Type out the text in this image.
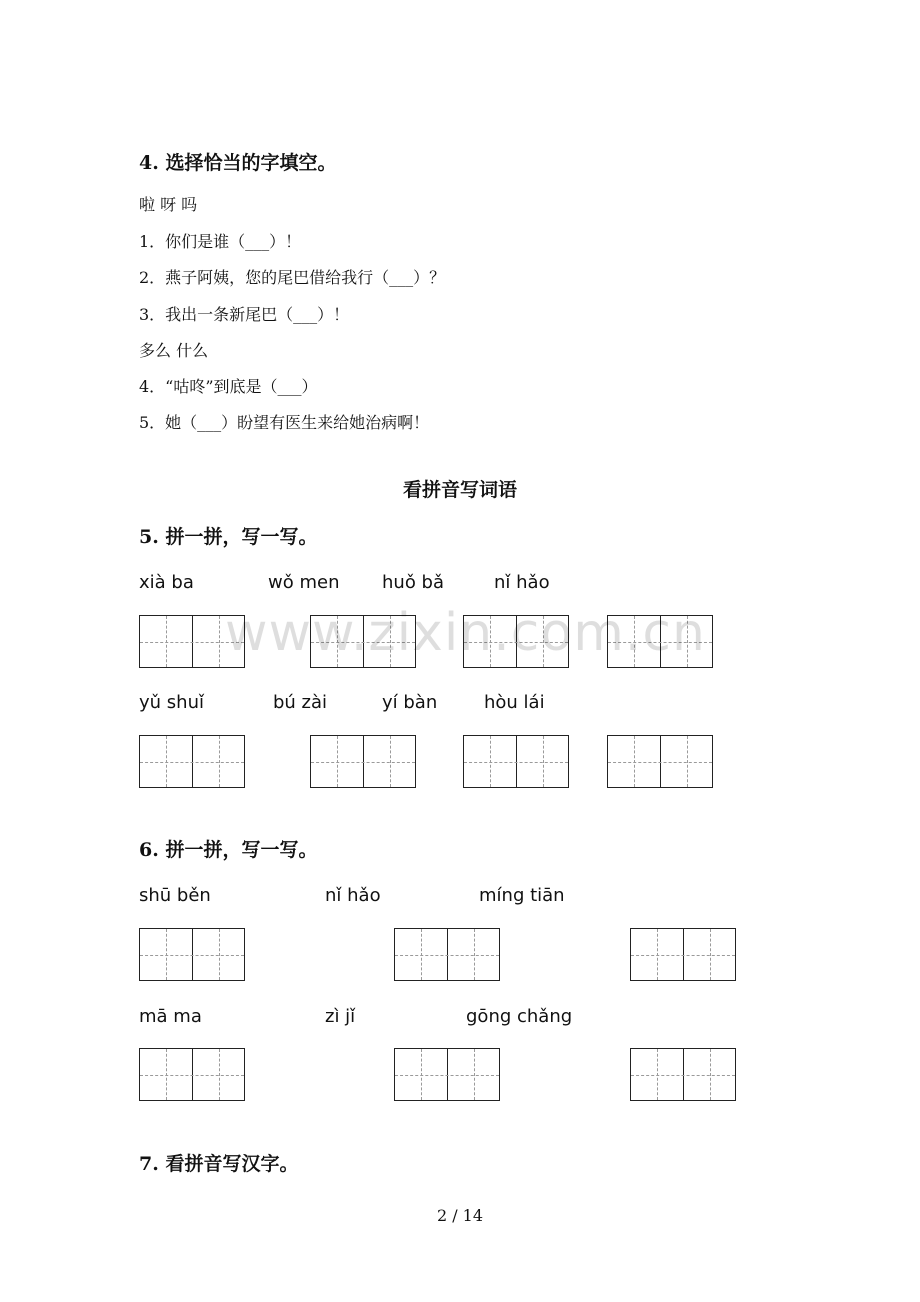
4. 选择恰当的字填空。
啦 呀 吗
1．你们是谁（___）！
2．燕子阿姨，您的尾巴借给我行（___）？
3．我出一条新尾巴（___）！
多么 什么
4．“咕咚”到底是（___）
5．她（___）盼望有医生来给她治病啊！
看拼音写词语
5. 拼一拼，写一写。
xià ba	wǒ men huǒ bǎ	nǐ hǎo
yǔ shuǐ	bú zài	yí bàn	hòu lái
6. 拼一拼，写一写。
shū běn	nǐ hǎo	míng tiān
mā ma	zì jǐ	gōng chǎng
7. 看拼音写汉字。
www.zixin.com.cn
2 / 14
